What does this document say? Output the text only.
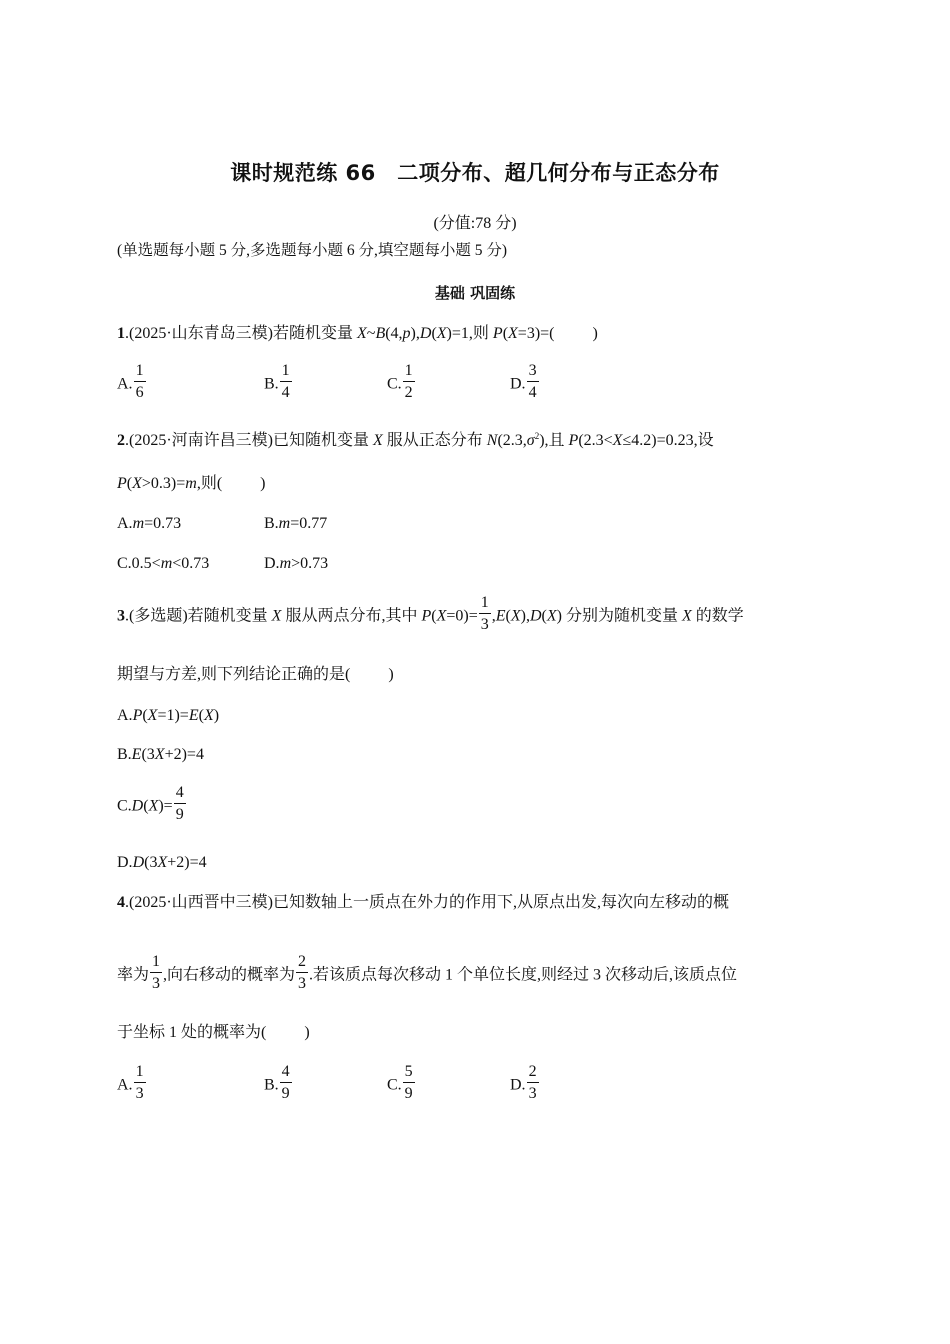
课时规范练 66　二项分布、超几何分布与正态分布
(分值:78 分)
(单选题每小题 5 分,多选题每小题 6 分,填空题每小题 5 分)
基础 巩固练
1.(2025·山东青岛三模)若随机变量 X~B(4,p),D(X)=1,则 P(X=3)=( )
A. $\frac{1}{6}$	B. $\frac{1}{4}$	C. $\frac{1}{2}$	D. $\frac{3}{4}$
2.(2025·河南许昌三模)已知随机变量 X 服从正态分布 $N(2.3,\sigma^2)$,且 P(2.3<X≤4.2)=0.23,设
P(X>0.3)=m,则( )
A.m=0.73	B.m=0.77
C.0.5<m<0.73	D.m>0.73
3.(多选题)若随机变量 X 服从两点分布,其中 $P(X=0)= \frac{1}{3} ,E(X),D(X)$ 分别为随机变量 X 的数学
期望与方差,则下列结论正确的是( )
A.P(X=1)=E(X)
B.E(3X+2)=4
$C.D(X)= \frac{4}{9}$
D.D(3X+2)=4
4.(2025·山西晋中三模)已知数轴上一质点在外力的作用下,从原点出发,每次向左移动的概
率为 $\frac{1}{3}$ ,向右移动的概率为 $\frac{2}{3}$ .若该质点每次移动 1 个单位长度,则经过 3 次移动后,该质点位
于坐标 1 处的概率为( )
A. $\frac{1}{3}$	B. $\frac{4}{9}$	C. $\frac{5}{9}$	D. $\frac{2}{3}$
